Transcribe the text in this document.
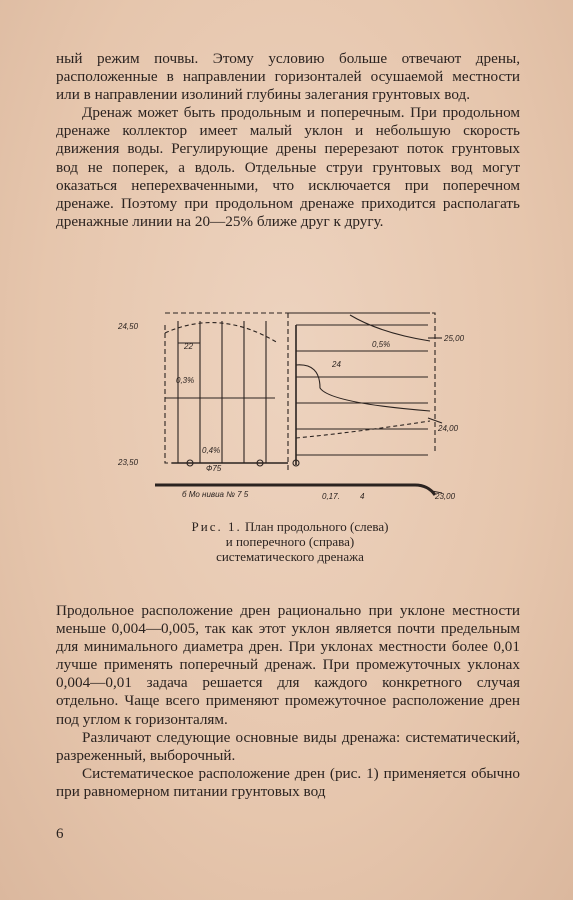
ный режим почвы. Этому условию больше отвечают дрены, расположенные в направлении горизонталей осушаемой местности или в направлении изолиний глубины залегания грунтовых вод.

Дренаж может быть продольным и поперечным. При продольном дренаже коллектор имеет малый уклон и небольшую скорость движения воды. Регулирующие дрены перерезают поток грунтовых вод не поперек, а вдоль. Отдельные струи грунтовых вод могут оказаться неперехваченными, что исключается при поперечном дренаже. Поэтому при продольном дренаже приходится располагать дренажные линии на 20—25% ближе друг к другу.

24,50
23,50
25,00
24,00
23,00
22
0,3%
0,4%
Ф75
0,5%
24
0,17.
б Мо нивиа № 7 5	4
Рис. 1. План продольного (слева)
и поперечного (справа)
систематического дренажа

Продольное расположение дрен рационально при уклоне местности меньше 0,004—0,005, так как этот уклон является почти предельным для минимального диаметра дрен. При уклонах местности более 0,01 лучше применять поперечный дренаж. При промежуточных уклонах 0,004—0,01 задача решается для каждого конкретного случая отдельно. Чаще всего применяют промежуточное расположение дрен под углом к горизонталям.

Различают следующие основные виды дренажа: систематический, разреженный, выборочный.

Систематическое расположение дрен (рис. 1) применяется обычно при равномерном питании грунтовых вод

6
